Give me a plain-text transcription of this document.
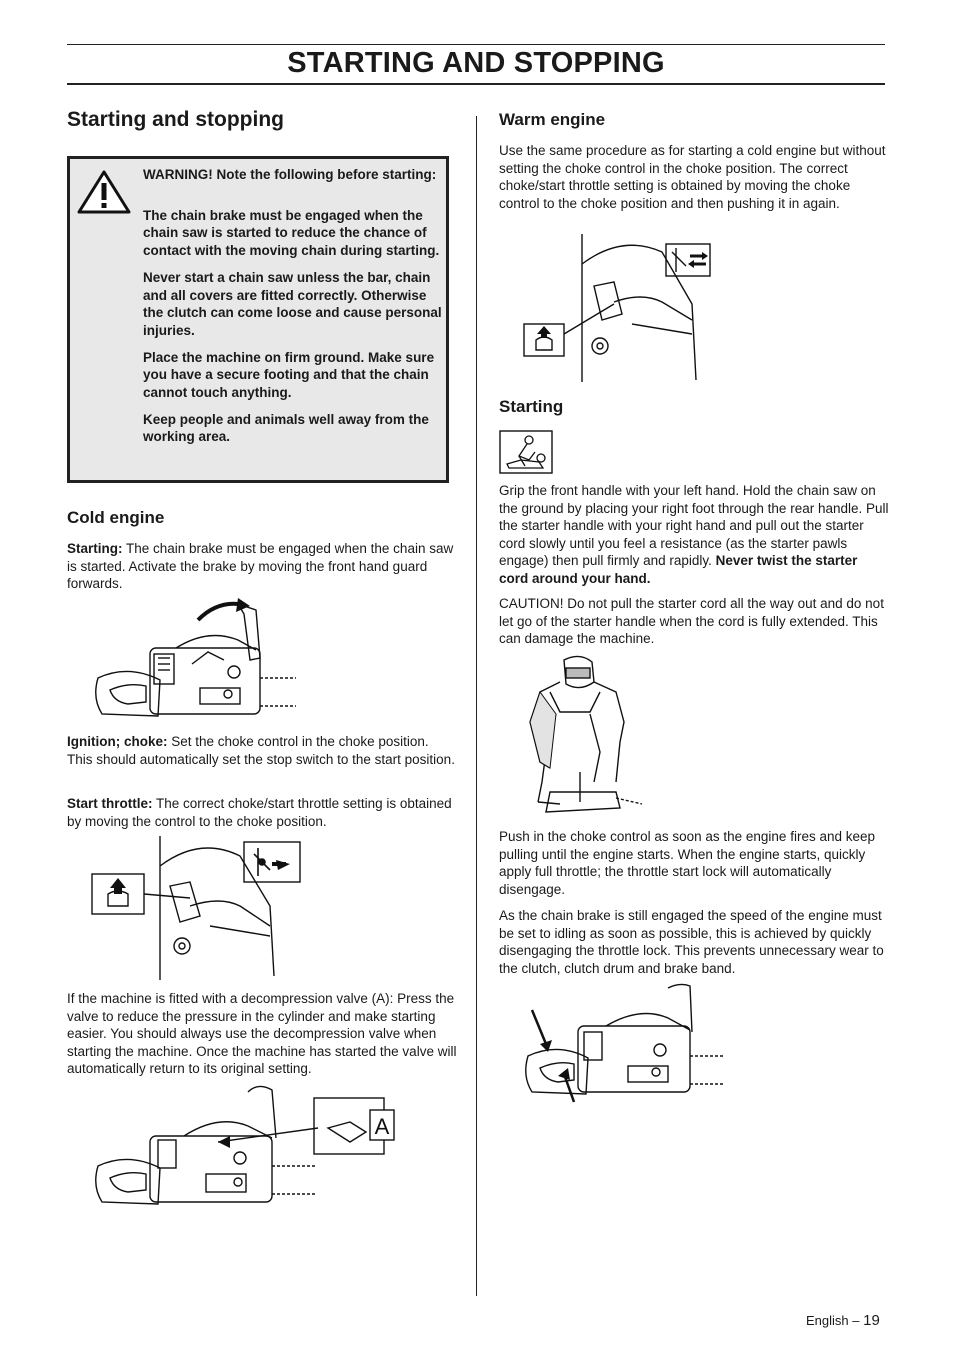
STARTING AND STOPPING
Starting and stopping

WARNING! Note the following before starting:

The chain brake must be engaged when the chain saw is started to reduce the chance of contact with the moving chain during starting.

Never start a chain saw unless the bar, chain and all covers are fitted correctly. Otherwise the clutch can come loose and cause personal injuries.

Place the machine on firm ground. Make sure you have a secure footing and that the chain cannot touch anything.

Keep people and animals well away from the working area.

Cold engine

Starting: The chain brake must be engaged when the chain saw is started. Activate the brake by moving the front hand guard forwards.

Ignition; choke: Set the choke control in the choke position. This should automatically set the stop switch to the start position.

Start throttle: The correct choke/start throttle setting is obtained by moving the control to the choke position.

If the machine is fitted with a decompression valve (A): Press the valve to reduce the pressure in the cylinder and make starting easier. You should always use the decompression valve when starting the machine. Once the machine has started the valve will automatically return to its original setting.

A
Warm engine

Use the same procedure as for starting a cold engine but without setting the choke control in the choke position. The correct choke/start throttle setting is obtained by moving the choke control to the choke position and then pushing it in again.

Starting

Grip the front handle with your left hand. Hold the chain saw on the ground by placing your right foot through the rear handle. Pull the starter handle with your right hand and pull out the starter cord slowly until you feel a resistance (as the starter pawls engage) then pull firmly and rapidly. Never twist the starter cord around your hand.

CAUTION! Do not pull the starter cord all the way out and do not let go of the starter handle when the cord is fully extended. This can damage the machine.

Push in the choke control as soon as the engine fires and keep pulling until the engine starts. When the engine starts, quickly apply full throttle; the throttle start lock will automatically disengage.

As the chain brake is still engaged the speed of the engine must be set to idling as soon as possible, this is achieved by quickly disengaging the throttle lock. This prevents unnecessary wear to the clutch, clutch drum and brake band.

English – 19
